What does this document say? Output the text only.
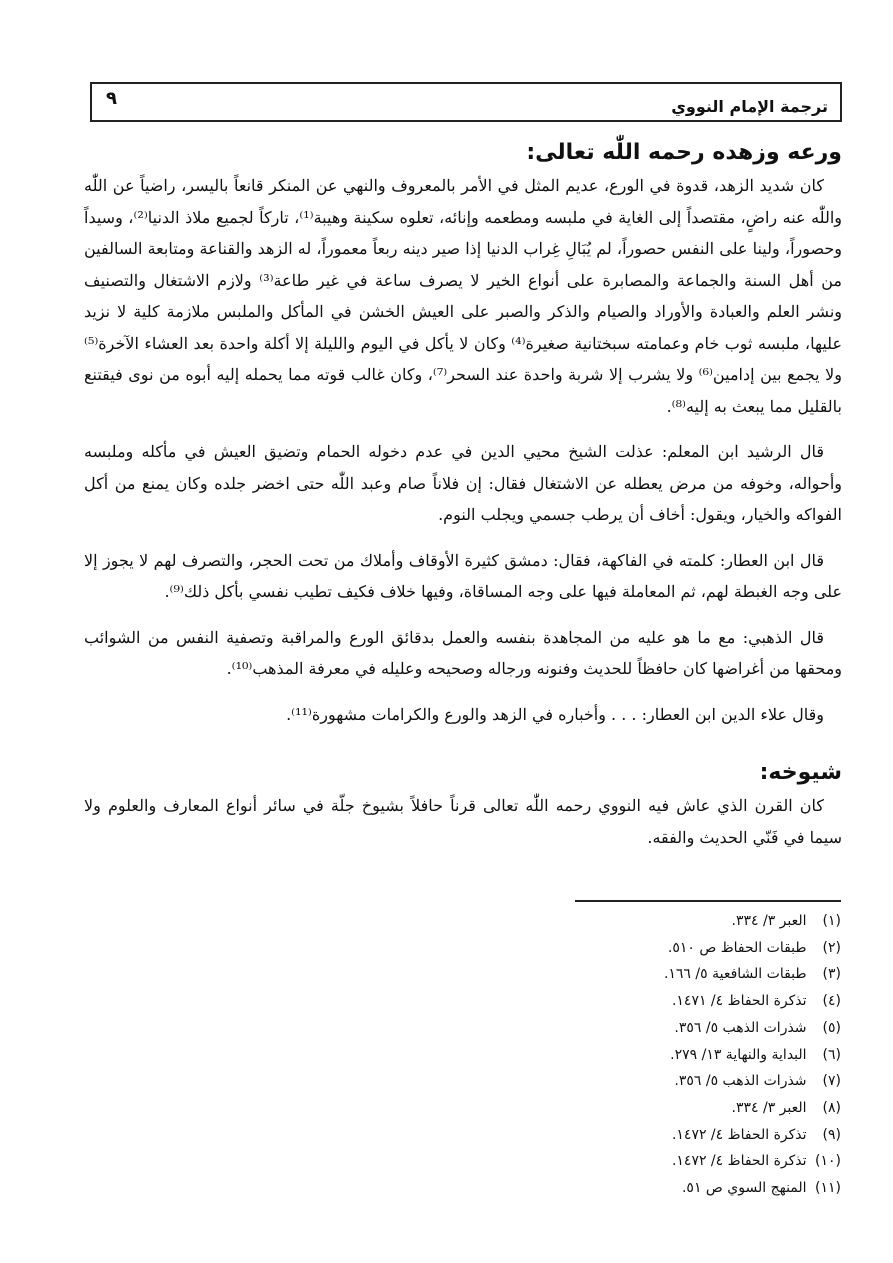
ترجمة الإمام النووي
٩
ورعه وزهده رحمه اللّٰه تعالى:

كان شديد الزهد، قدوة في الورع، عديم المثل في الأمر بالمعروف والنهي عن المنكر قانعاً باليسر، راضياً عن اللّٰه واللّٰه عنه راضٍ، مقتصداً إلى الغاية في ملبسه ومطعمه وإنائه، تعلوه سكينة وهيبة⁽¹⁾، تاركاً لجميع ملاذ الدنيا⁽²⁾، وسيداً وحصوراً، ولينا على النفس حصوراً، لم يُبَالِ غِراب الدنيا إذا صير دينه ربعاً معموراً، له الزهد والقناعة ومتابعة السالفين من أهل السنة والجماعة والمصابرة على أنواع الخير لا يصرف ساعة في غير طاعة⁽³⁾ ولازم الاشتغال والتصنيف ونشر العلم والعبادة والأوراد والصيام والذكر والصبر على العيش الخشن في المأكل والملبس ملازمة كلية لا نزيد عليها، ملبسه ثوب خام وعمامته سبختانية صغيرة⁽⁴⁾ وكان لا يأكل في اليوم والليلة إلا أكلة واحدة بعد العشاء الآخرة⁽⁵⁾ ولا يجمع بين إدامين⁽⁶⁾ ولا يشرب إلا شربة واحدة عند السحر⁽⁷⁾، وكان غالب قوته مما يحمله إليه أبوه من نوى فيقتنع بالقليل مما يبعث به إليه⁽⁸⁾.

قال الرشيد ابن المعلم: عذلت الشيخ محيي الدين في عدم دخوله الحمام وتضيق العيش في مأكله وملبسه وأحواله، وخوفه من مرض يعطله عن الاشتغال فقال: إن فلاناً صام وعبد اللّٰه حتى اخضر جلده وكان يمنع من أكل الفواكه والخيار، ويقول: أخاف أن يرطب جسمي ويجلب النوم.

قال ابن العطار: كلمته في الفاكهة، فقال: دمشق كثيرة الأوقاف وأملاك من تحت الحجر، والتصرف لهم لا يجوز إلا على وجه الغبطة لهم، ثم المعاملة فيها على وجه المساقاة، وفيها خلاف فكيف تطيب نفسي بأكل ذلك⁽⁹⁾.

قال الذهبي: مع ما هو عليه من المجاهدة بنفسه والعمل بدقائق الورع والمراقبة وتصفية النفس من الشوائب ومحقها من أغراضها كان حافظاً للحديث وفنونه ورجاله وصحيحه وعليله في معرفة المذهب⁽¹⁰⁾.

وقال علاء الدين ابن العطار: . . . وأخباره في الزهد والورع والكرامات مشهورة⁽¹¹⁾.

شيوخه:

كان القرن الذي عاش فيه النووي رحمه اللّٰه تعالى قرناً حافلاً بشيوخ جلّة في سائر أنواع المعارف والعلوم ولا سيما في فَنّي الحديث والفقه.

(١) العبر ٣/ ٣٣٤.
(٢) طبقات الحفاظ ص ٥١٠.
(٣) طبقات الشافعية ٥/ ١٦٦.
(٤) تذكرة الحفاظ ٤/ ١٤٧١.
(٥) شذرات الذهب ٥/ ٣٥٦.
(٦) البداية والنهاية ١٣/ ٢٧٩.
(٧) شذرات الذهب ٥/ ٣٥٦.
(٨) العبر ٣/ ٣٣٤.
(٩) تذكرة الحفاظ ٤/ ١٤٧٢.
(١٠) تذكرة الحفاظ ٤/ ١٤٧٢.
(١١) المنهج السوي ص ٥١.
